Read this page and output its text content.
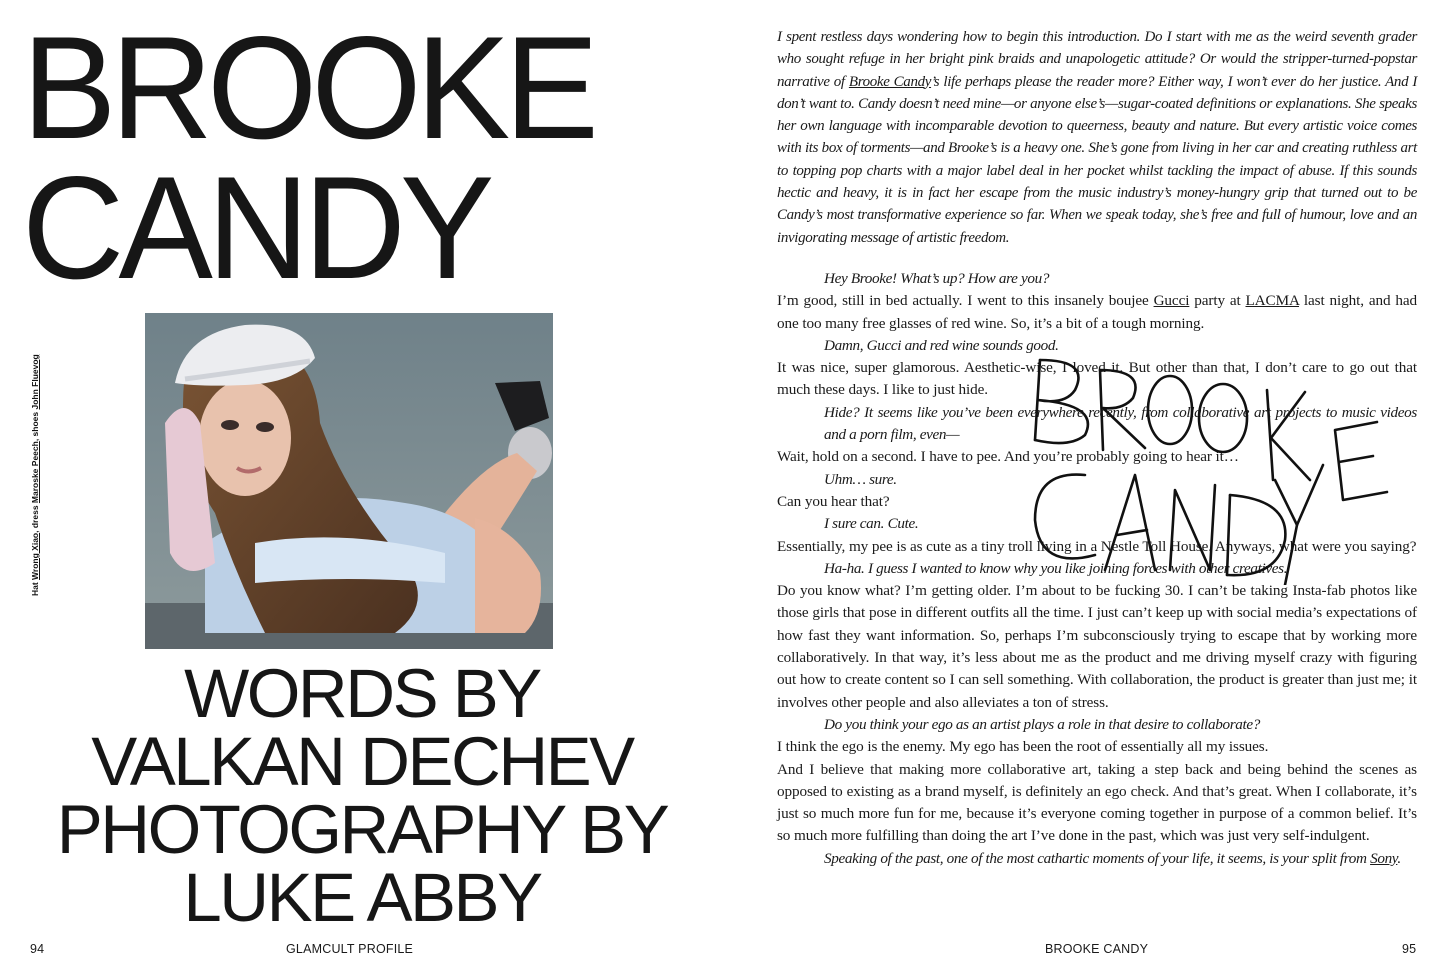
BROOKE
CANDY
Hat Wrong Xiao, dress Maroske Peech, shoes John Fluevog
WORDS BY
VALKAN DECHEV
PHOTOGRAPHY BY
LUKE ABBY
94	GLAMCULT PROFILE

I spent restless days wondering how to begin this introduction. Do I start with me as the weird seventh grader who sought refuge in her bright pink braids and unapologetic attitude? Or would the stripper-turned-popstar narrative of Brooke Candy’s life perhaps please the reader more? Either way, I won’t ever do her justice. And I don’t want to. Candy doesn’t need mine—or anyone else’s—sugar-coated definitions or explanations. She speaks her own language with incomparable devotion to queerness, beauty and nature. But every artistic voice comes with its box of torments—and Brooke’s is a heavy one. She’s gone from living in her car and creating ruthless art to topping pop charts with a major label deal in her pocket whilst tackling the impact of abuse. If this sounds hectic and heavy, it is in fact her escape from the music industry’s money-hungry grip that turned out to be Candy’s most transformative experience so far. When we speak today, she’s free and full of humour, love and an invigorating message of artistic freedom.

Hey Brooke! What’s up? How are you?

I’m good, still in bed actually. I went to this insanely boujee Gucci party at LACMA last night, and had one too many free glasses of red wine. So, it’s a bit of a tough morning.

Damn, Gucci and red wine sounds good.

It was nice, super glamorous. Aesthetic-wise, I loved it. But other than that, I don’t care to go out that much these days. I like to just hide.

Hide? It seems like you’ve been everywhere recently, from collaborative art projects to music videos and a porn film, even—

Wait, hold on a second. I have to pee. And you’re probably going to hear it…

Uhm… sure.

Can you hear that?

I sure can. Cute.

Essentially, my pee is as cute as a tiny troll living in a Nestle Toll House. Anyways, what were you saying?

Ha-ha. I guess I wanted to know why you like joining forces with other creatives.

Do you know what? I’m getting older. I’m about to be fucking 30. I can’t be taking Insta-fab photos like those girls that pose in different outfits all the time. I just can’t keep up with social media’s expectations of how fast they want information. So, perhaps I’m subconsciously trying to escape that by working more collaboratively. In that way, it’s less about me as the product and me driving myself crazy with figuring out how to create content so I can sell something. With collaboration, the product is greater than just me; it involves other people and also alleviates a ton of stress.

Do you think your ego as an artist plays a role in that desire to collaborate?

I think the ego is the enemy. My ego has been the root of essentially all my issues.

And I believe that making more collaborative art, taking a step back and being behind the scenes as opposed to existing as a brand myself, is definitely an ego check. And that’s great. When I collaborate, it’s just so much more fun for me, because it’s everyone coming together in purpose of a common belief. It’s so much more fulfilling than doing the art I’ve done in the past, which was just very self-indulgent.

Speaking of the past, one of the most cathartic moments of your life, it seems, is your split from Sony.

BROOKE CANDY	95
